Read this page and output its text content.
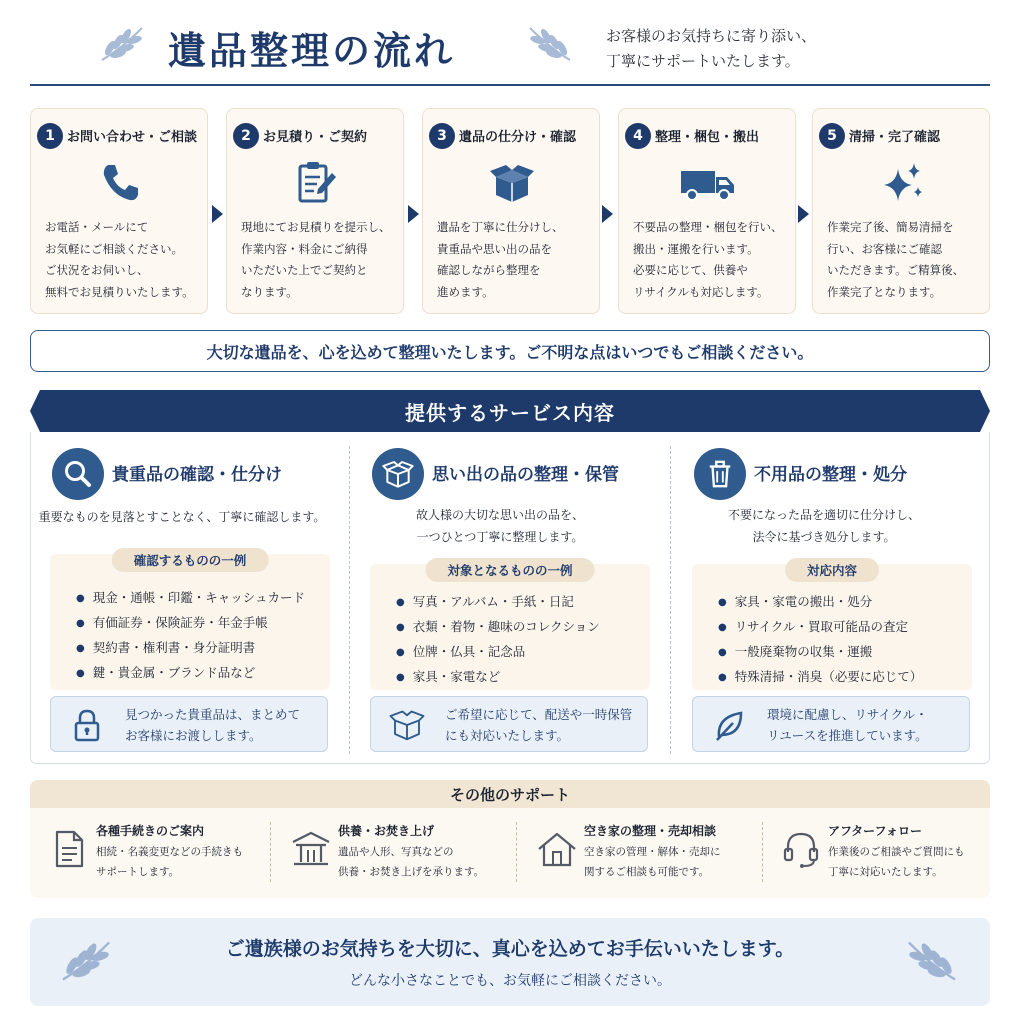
遺品整理の流れ	お客様のお気持ちに寄り添い、
丁寧にサポートいたします。
1 お問い合わせ・ご相談
お電話・メールにて
お気軽にご相談ください。
ご状況をお伺いし、
無料でお見積りいたします。
2 お見積り・ご契約
現地にてお見積りを提示し、
作業内容・料金にご納得
いただいた上でご契約と
なります。
3 遺品の仕分け・確認
遺品を丁寧に仕分けし、
貴重品や思い出の品を
確認しながら整理を
進めます。
4 整理・梱包・搬出
不要品の整理・梱包を行い、
搬出・運搬を行います。
必要に応じて、供養や
リサイクルも対応します。
5 清掃・完了確認
作業完了後、簡易清掃を
行い、お客様にご確認
いただきます。ご精算後、
作業完了となります。
大切な遺品を、心を込めて整理いたします。ご不明な点はいつでもご相談ください。
提供するサービス内容
貴重品の確認・仕分け
重要なものを見落とすことなく、丁寧に確認します。
確認するものの一例
● 現金・通帳・印鑑・キャッシュカード
● 有価証券・保険証券・年金手帳
● 契約書・権利書・身分証明書
● 鍵・貴金属・ブランド品など
見つかった貴重品は、まとめて
お客様にお渡しします。
思い出の品の整理・保管
故人様の大切な思い出の品を、
一つひとつ丁寧に整理します。
対象となるものの一例
● 写真・アルバム・手紙・日記
● 衣類・着物・趣味のコレクション
● 位牌・仏具・記念品
● 家具・家電など
ご希望に応じて、配送や一時保管
にも対応いたします。
不用品の整理・処分
不要になった品を適切に仕分けし、
法令に基づき処分します。
対応内容
● 家具・家電の搬出・処分
● リサイクル・買取可能品の査定
● 一般廃棄物の収集・運搬
● 特殊清掃・消臭（必要に応じて）
環境に配慮し、リサイクル・
リユースを推進しています。
その他のサポート
各種手続きのご案内
相続・名義変更などの手続きも
サポートします。
供養・お焚き上げ
遺品や人形、写真などの
供養・お焚き上げを承ります。
空き家の整理・売却相談
空き家の管理・解体・売却に
関するご相談も可能です。
アフターフォロー
作業後のご相談やご質問にも
丁寧に対応いたします。
ご遺族様のお気持ちを大切に、真心を込めてお手伝いいたします。
どんな小さなことでも、お気軽にご相談ください。
